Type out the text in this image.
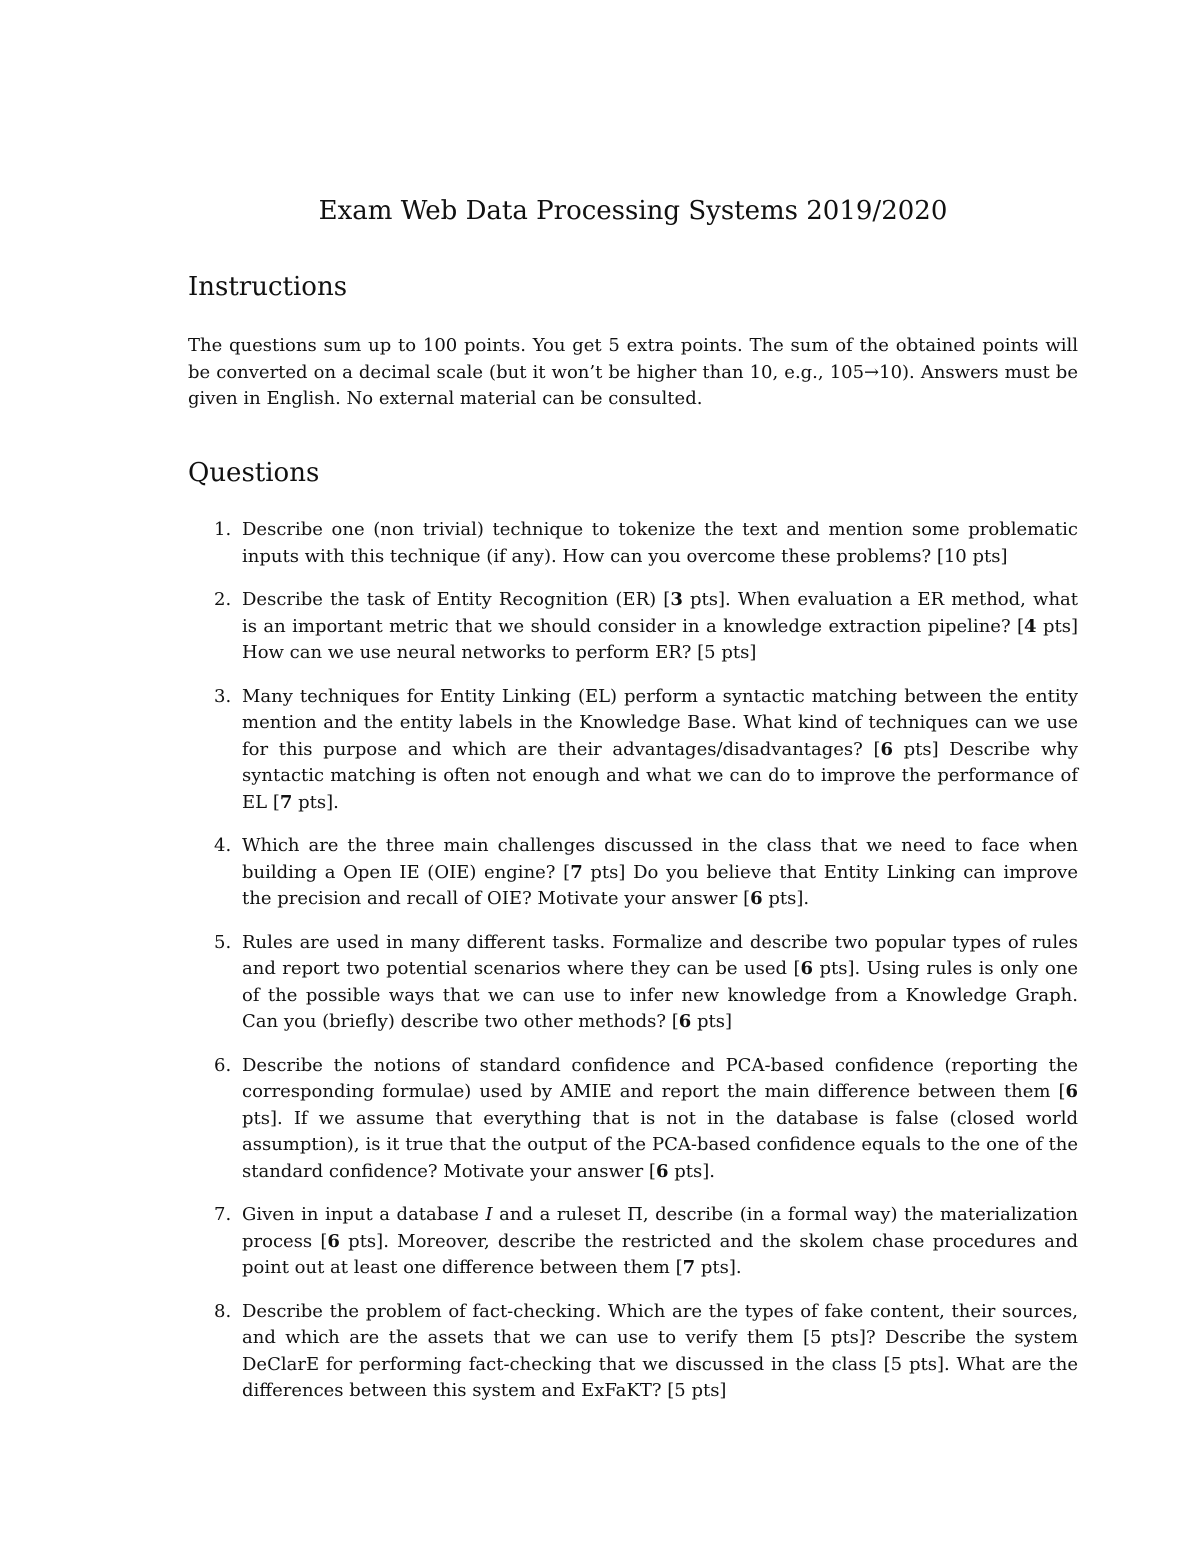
Exam Web Data Processing Systems 2019/2020
Instructions

The questions sum up to 100 points. You get 5 extra points. The sum of the obtained points will be converted on a decimal scale (but it won’t be higher than 10, e.g., 105→10). Answers must be given in English. No external material can be consulted.

Questions
1. Describe one (non trivial) technique to tokenize the text and mention some problematic inputs with this technique (if any). How can you overcome these problems? [10 pts]
2. Describe the task of Entity Recognition (ER) [3 pts]. When evaluation a ER method, what is an important metric that we should consider in a knowledge extraction pipeline? [4 pts] How can we use neural networks to perform ER? [5 pts]
3. Many techniques for Entity Linking (EL) perform a syntactic matching between the entity mention and the entity labels in the Knowledge Base. What kind of techniques can we use for this purpose and which are their advantages/disadvantages? [6 pts] Describe why syntactic matching is often not enough and what we can do to improve the performance of EL [7 pts].
4. Which are the three main challenges discussed in the class that we need to face when building a Open IE (OIE) engine? [7 pts] Do you believe that Entity Linking can improve the precision and recall of OIE? Motivate your answer [6 pts].
5. Rules are used in many different tasks. Formalize and describe two popular types of rules and report two potential scenarios where they can be used [6 pts]. Using rules is only one of the possible ways that we can use to infer new knowledge from a Knowledge Graph. Can you (briefly) describe two other methods? [6 pts]
6. Describe the notions of standard confidence and PCA-based confidence (reporting the corresponding formulae) used by AMIE and report the main difference between them [6 pts]. If we assume that everything that is not in the database is false (closed world assumption), is it true that the output of the PCA-based confidence equals to the one of the standard confidence? Motivate your answer [6 pts].
7. Given in input a database I and a ruleset Π, describe (in a formal way) the materialization process [6 pts]. Moreover, describe the restricted and the skolem chase procedures and point out at least one difference between them [7 pts].
8. Describe the problem of fact-checking. Which are the types of fake content, their sources, and which are the assets that we can use to verify them [5 pts]? Describe the system DeClarE for performing fact-checking that we discussed in the class [5 pts]. What are the differences between this system and ExFaKT? [5 pts]
